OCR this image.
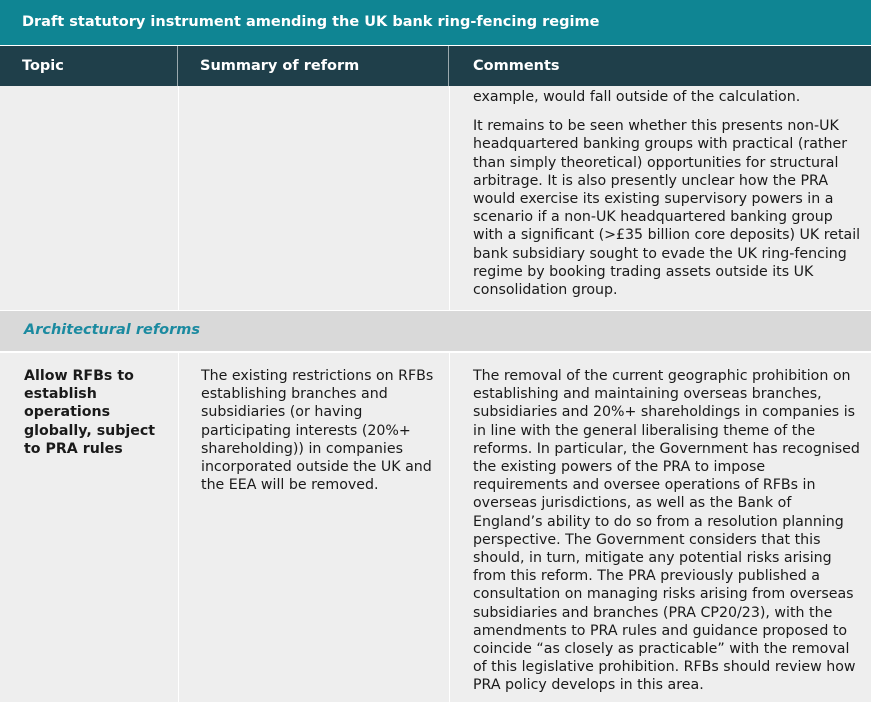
Draft statutory instrument amending the UK bank ring-fencing regime
Topic	Summary of reform	Comments

example, would fall outside of the calculation.

It remains to be seen whether this presents non-UK headquartered banking groups with practical (rather than simply theoretical) opportunities for structural arbitrage. It is also presently unclear how the PRA would exercise its existing supervisory powers in a scenario if a non-UK headquartered banking group with a significant (>£35 billion core deposits) UK retail bank subsidiary sought to evade the UK ring-fencing regime by booking trading assets outside its UK consolidation group.

Architectural reforms
Allow RFBs to establish operations globally, subject to PRA rules
The existing restrictions on RFBs establishing branches and subsidiaries (or having participating interests (20%+ shareholding)) in companies incorporated outside the UK and the EEA will be removed.
The removal of the current geographic prohibition on establishing and maintaining overseas branches, subsidiaries and 20%+ shareholdings in companies is in line with the general liberalising theme of the reforms. In particular, the Government has recognised the existing powers of the PRA to impose requirements and oversee operations of RFBs in overseas jurisdictions, as well as the Bank of England’s ability to do so from a resolution planning perspective. The Government considers that this should, in turn, mitigate any potential risks arising from this reform. The PRA previously published a consultation on managing risks arising from overseas subsidiaries and branches (PRA CP20/23), with the amendments to PRA rules and guidance proposed to coincide “as closely as practicable” with the removal of this legislative prohibition. RFBs should review how PRA policy develops in this area.
